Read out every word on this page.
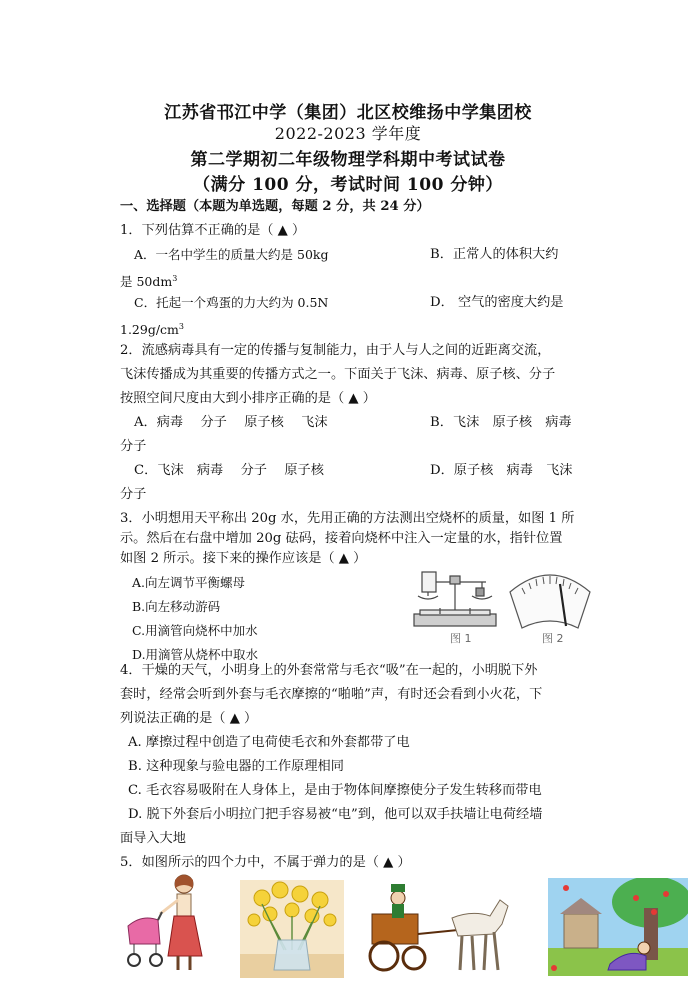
江苏省邗江中学（集团）北区校维扬中学集团校
2022-2023 学年度
第二学期初二年级物理学科期中考试试卷
（满分 100 分，考试时间 100 分钟）
一、选择题（本题为单选题，每题 2 分，共 24 分）
1．下列估算不正确的是（ ▲ ）
A．一名中学生的质量大约是 50kg	B．正常人的体积大约
是 $50dm^3$
C．托起一个鸡蛋的力大约为 0.5N	D． 空气的密度大约是
$1.29g/cm^3$
2．流感病毒具有一定的传播与复制能力，由于人与人之间的近距离交流，
飞沫传播成为其重要的传播方式之一。下面关于飞沫、病毒、原子核、分子
按照空间尺度由大到小排序正确的是（ ▲ ）
A．病毒　 分子　 原子核　 飞沫	B．飞沫　原子核　病毒
分子
C．飞沫　病毒　 分子　 原子核	D．原子核　病毒　飞沫
分子
3．小明想用天平称出 20g 水，先用正确的方法测出空烧杯的质量，如图 1 所
示。然后在右盘中增加 20g 砝码，接着向烧杯中注入一定量的水，指针位置
如图 2 所示。接下来的操作应该是（ ▲ ）
A.向左调节平衡螺母
B.向左移动游码
C.用滴管向烧杯中加水
D.用滴管从烧杯中取水
图 1	图 2
4．干燥的天气，小明身上的外套常常与毛衣“吸”在一起的，小明脱下外
套时，经常会听到外套与毛衣摩擦的“啪啪”声，有时还会看到小火花，下
列说法正确的是（ ▲ ）
A. 摩擦过程中创造了电荷使毛衣和外套都带了电
B. 这种现象与验电器的工作原理相同
C. 毛衣容易吸附在人身体上，是由于物体间摩擦使分子发生转移而带电
D. 脱下外套后小明拉门把手容易被“电”到，他可以双手扶墙让电荷经墙
面导入大地
5．如图所示的四个力中，不属于弹力的是（ ▲ ）
